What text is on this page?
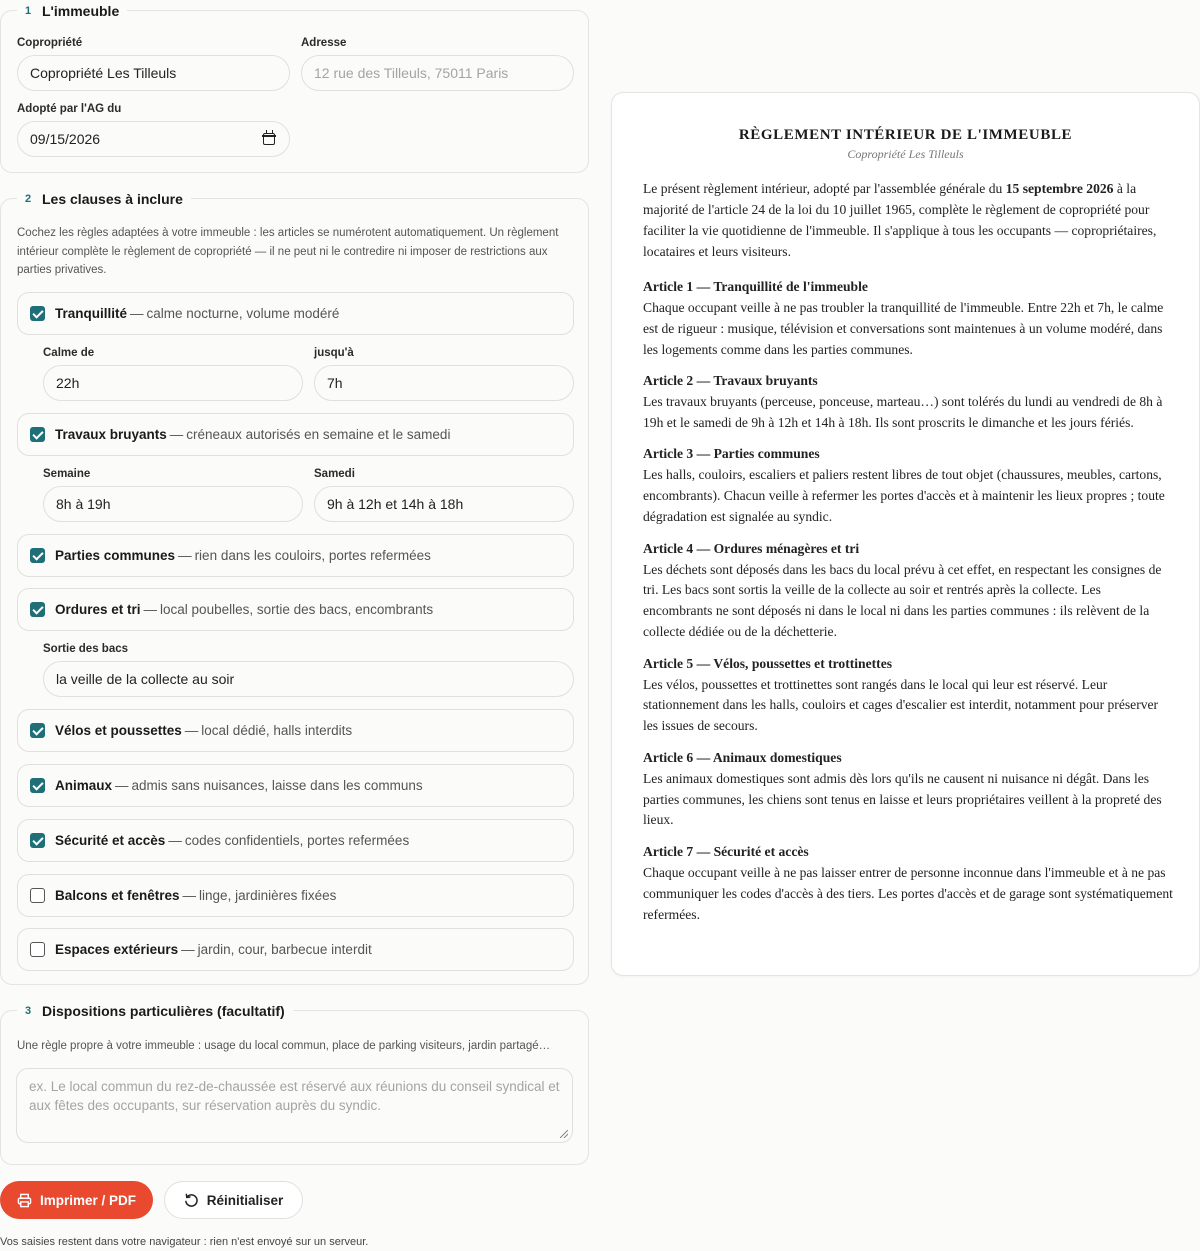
1 L'immeuble
Copropriété
Copropriété Les Tilleuls
Adresse
12 rue des Tilleuls, 75011 Paris
Adopté par l'AG du
09/15/2026
2 Les clauses à inclure
Cochez les règles adaptées à votre immeuble : les articles se numérotent automatiquement. Un règlement intérieur complète le règlement de copropriété — il ne peut ni le contredire ni imposer de restrictions aux parties privatives.
Tranquillité — calme nocturne, volume modéré
Calme de
22h
jusqu'à
7h
Travaux bruyants — créneaux autorisés en semaine et le samedi
Semaine
8h à 19h
Samedi
9h à 12h et 14h à 18h
Parties communes — rien dans les couloirs, portes refermées
Ordures et tri — local poubelles, sortie des bacs, encombrants
Sortie des bacs
la veille de la collecte au soir
Vélos et poussettes — local dédié, halls interdits
Animaux — admis sans nuisances, laisse dans les communs
Sécurité et accès — codes confidentiels, portes refermées
Balcons et fenêtres — linge, jardinières fixées
Espaces extérieurs — jardin, cour, barbecue interdit
3 Dispositions particulières (facultatif)
Une règle propre à votre immeuble : usage du local commun, place de parking visiteurs, jardin partagé…
ex. Le local commun du rez-de-chaussée est réservé aux réunions du conseil syndical et aux fêtes des occupants, sur réservation auprès du syndic.
Imprimer / PDF	Réinitialiser
Vos saisies restent dans votre navigateur : rien n'est envoyé sur un serveur.
RÈGLEMENT INTÉRIEUR DE L'IMMEUBLE
Copropriété Les Tilleuls

Le présent règlement intérieur, adopté par l'assemblée générale du 15 septembre 2026 à la majorité de l'article 24 de la loi du 10 juillet 1965, complète le règlement de copropriété pour faciliter la vie quotidienne de l'immeuble. Il s'applique à tous les occupants — copropriétaires, locataires et leurs visiteurs.

Article 1 — Tranquillité de l'immeuble

Chaque occupant veille à ne pas troubler la tranquillité de l'immeuble. Entre 22h et 7h, le calme est de rigueur : musique, télévision et conversations sont maintenues à un volume modéré, dans les logements comme dans les parties communes.

Article 2 — Travaux bruyants

Les travaux bruyants (perceuse, ponceuse, marteau…) sont tolérés du lundi au vendredi de 8h à 19h et le samedi de 9h à 12h et 14h à 18h. Ils sont proscrits le dimanche et les jours fériés.

Article 3 — Parties communes

Les halls, couloirs, escaliers et paliers restent libres de tout objet (chaussures, meubles, cartons, encombrants). Chacun veille à refermer les portes d'accès et à maintenir les lieux propres ; toute dégradation est signalée au syndic.

Article 4 — Ordures ménagères et tri

Les déchets sont déposés dans les bacs du local prévu à cet effet, en respectant les consignes de tri. Les bacs sont sortis la veille de la collecte au soir et rentrés après la collecte. Les encombrants ne sont déposés ni dans le local ni dans les parties communes : ils relèvent de la collecte dédiée ou de la déchetterie.

Article 5 — Vélos, poussettes et trottinettes

Les vélos, poussettes et trottinettes sont rangés dans le local qui leur est réservé. Leur stationnement dans les halls, couloirs et cages d'escalier est interdit, notamment pour préserver les issues de secours.

Article 6 — Animaux domestiques

Les animaux domestiques sont admis dès lors qu'ils ne causent ni nuisance ni dégât. Dans les parties communes, les chiens sont tenus en laisse et leurs propriétaires veillent à la propreté des lieux.

Article 7 — Sécurité et accès

Chaque occupant veille à ne pas laisser entrer de personne inconnue dans l'immeuble et à ne pas communiquer les codes d'accès à des tiers. Les portes d'accès et de garage sont systématiquement refermées.
